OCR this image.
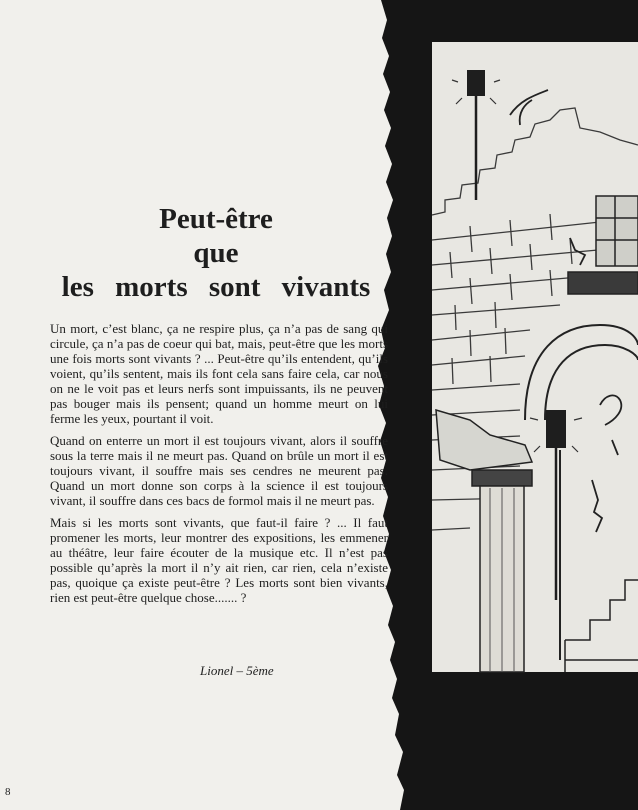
Peut-être
que
les morts sont vivants

Un mort, c’est blanc, ça ne respire plus, ça n’a pas de sang qui circule, ça n’a pas de coeur qui bat, mais, peut-être que les morts une fois morts sont vivants ? ... Peut-être qu’ils entendent, qu’ils voient, qu’ils sentent, mais ils font cela sans faire cela, car nous on ne le voit pas et leurs nerfs sont impuissants, ils ne peuvent pas bouger mais ils pensent; quand un homme meurt on lui ferme les yeux, pourtant il voit.

Quand on enterre un mort il est toujours vivant, alors il souffre sous la terre mais il ne meurt pas. Quand on brûle un mort il est toujours vivant, il souffre mais ses cendres ne meurent pas. Quand un mort donne son corps à la science il est toujours vivant, il souffre dans ces bacs de formol mais il ne meurt pas.

Mais si les morts sont vivants, que faut-il faire ? ... Il faut promener les morts, leur montrer des expositions, les emmener au théâtre, leur faire écouter de la musique etc. Il n’est pas possible qu’après la mort il n’y ait rien, car rien, cela n’existe pas, quoique ça existe peut-être ? Les morts sont bien vivants, rien est peut-être quelque chose....... ?

Lionel – 5ème
8
